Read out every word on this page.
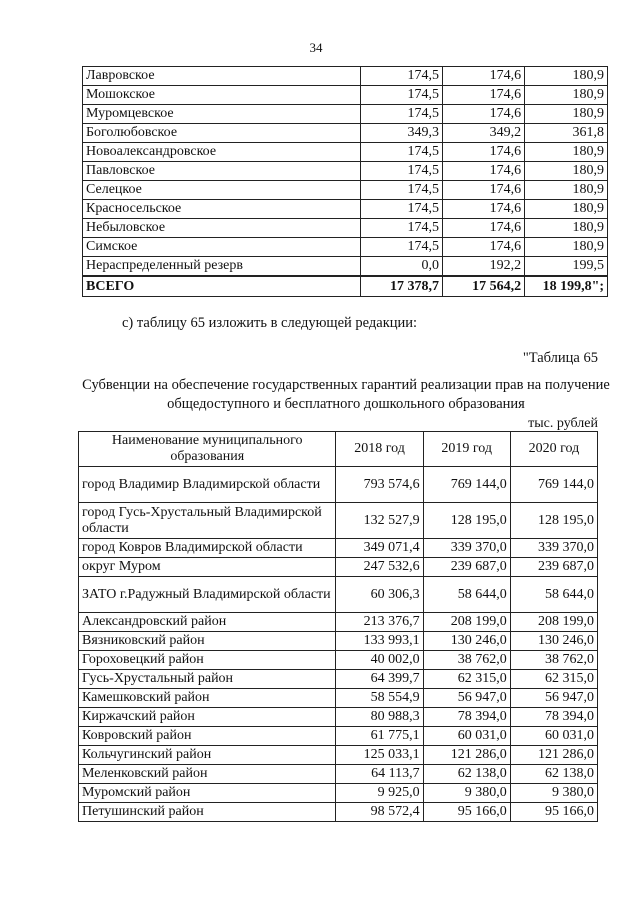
34
Лавровское	174,5	174,6	180,9
Мошокское	174,5	174,6	180,9
Муромцевское	174,5	174,6	180,9
Боголюбовское	349,3	349,2	361,8
Новоалександровское	174,5	174,6	180,9
Павловское	174,5	174,6	180,9
Селецкое	174,5	174,6	180,9
Красносельское	174,5	174,6	180,9
Небыловское	174,5	174,6	180,9
Симское	174,5	174,6	180,9
Нераспределенный резерв	0,0	192,2	199,5
ВСЕГО	17 378,7	17 564,2	18 199,8";
с) таблицу 65 изложить в следующей редакции:
"Таблица 65
Субвенции на обеспечение государственных гарантий реализации прав на получение общедоступного и бесплатного дошкольного образования
тыс. рублей
Наименование муниципального образования	2018 год	2019 год	2020 год
город Владимир Владимирской области	793 574,6	769 144,0	769 144,0
город Гусь-Хрустальный Владимирской области	132 527,9	128 195,0	128 195,0
город Ковров Владимирской области	349 071,4	339 370,0	339 370,0
округ Муром	247 532,6	239 687,0	239 687,0
ЗАТО г.Радужный Владимирской области	60 306,3	58 644,0	58 644,0
Александровский район	213 376,7	208 199,0	208 199,0
Вязниковский район	133 993,1	130 246,0	130 246,0
Гороховецкий район	40 002,0	38 762,0	38 762,0
Гусь-Хрустальный район	64 399,7	62 315,0	62 315,0
Камешковский район	58 554,9	56 947,0	56 947,0
Киржачский район	80 988,3	78 394,0	78 394,0
Ковровский район	61 775,1	60 031,0	60 031,0
Кольчугинский район	125 033,1	121 286,0	121 286,0
Меленковский район	64 113,7	62 138,0	62 138,0
Муромский район	9 925,0	9 380,0	9 380,0
Петушинский район	98 572,4	95 166,0	95 166,0
